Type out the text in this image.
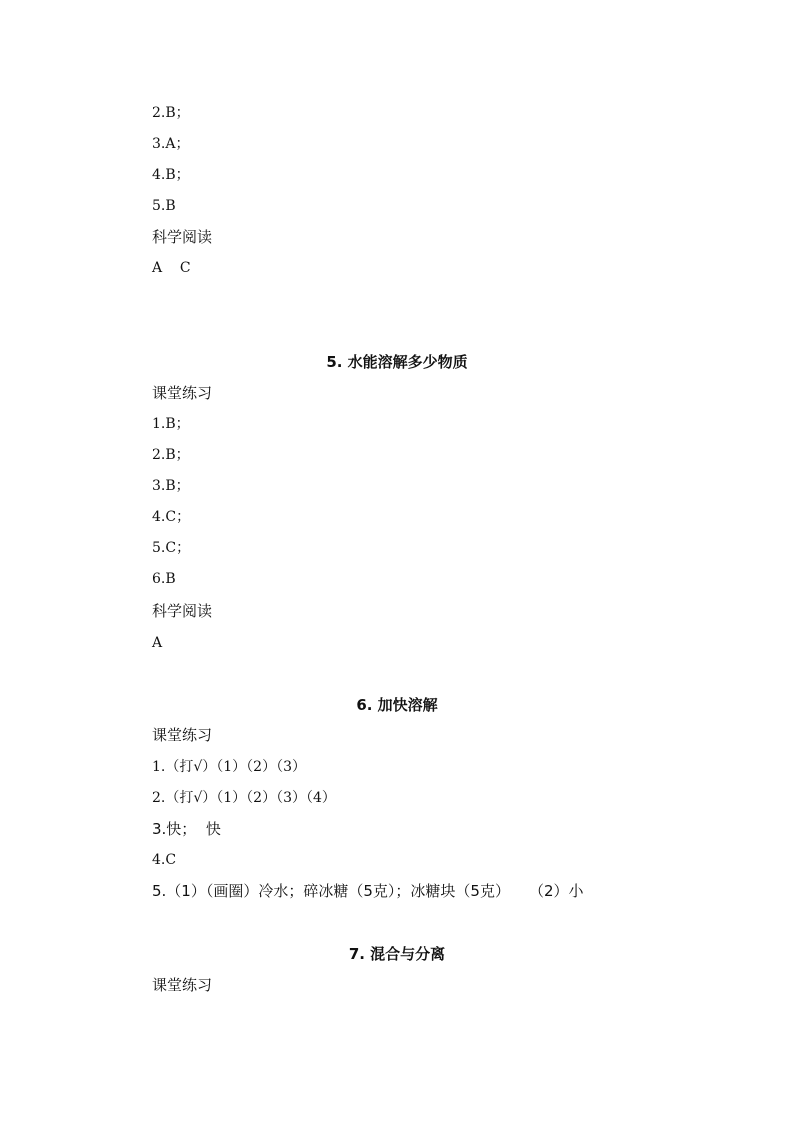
2.B；

3.A；

4.B；

5.B

科学阅读

A    C

5. 水能溶解多少物质

课堂练习

1.B；

2.B；

3.B；

4.C；

5.C；

6.B

科学阅读

A

6. 加快溶解

课堂练习

1.（打√）（1）（2）（3）

2.（打√）（1）（2）（3）（4）

3.快；  快

4.C

5.（1）（画圈）冷水；碎冰糖（5克）；冰糖块（5克）    （2）小

7. 混合与分离

课堂练习
